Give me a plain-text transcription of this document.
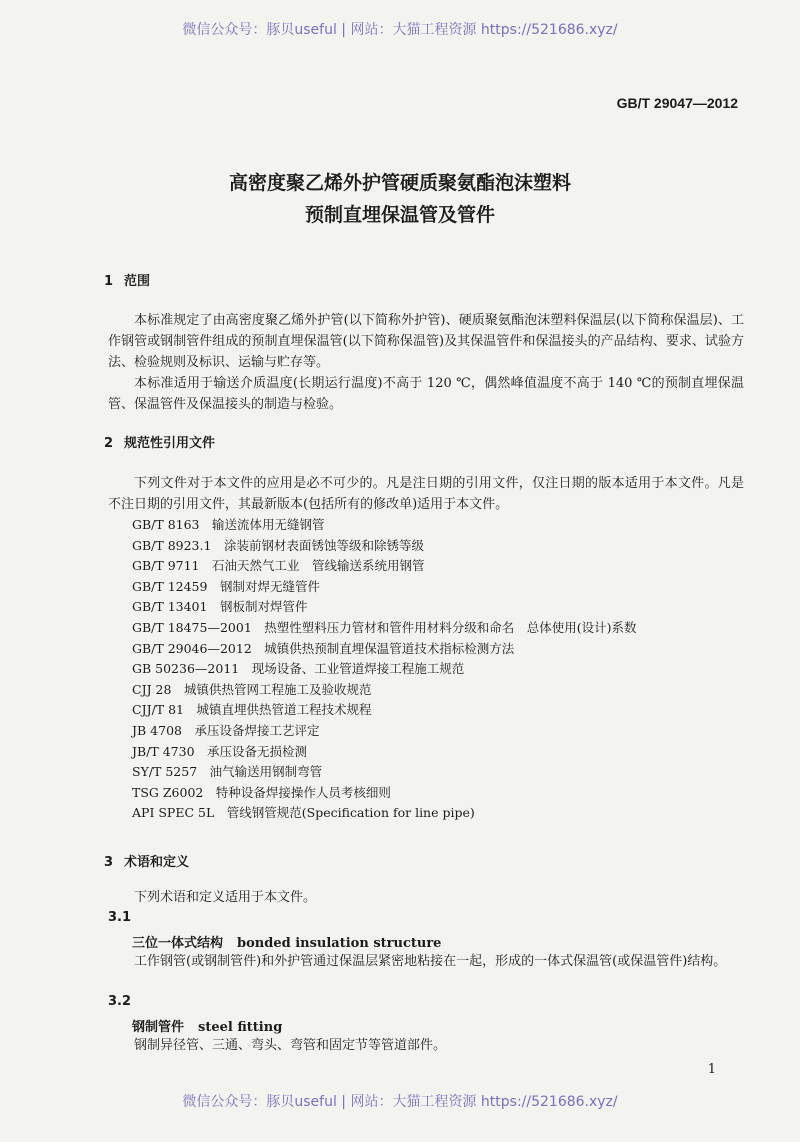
微信公众号：豚贝useful | 网站：大猫工程资源 https://521686.xyz/
GB/T 29047—2012
高密度聚乙烯外护管硬质聚氨酯泡沫塑料
预制直埋保温管及管件
1 范围
本标准规定了由高密度聚乙烯外护管(以下简称外护管)、硬质聚氨酯泡沫塑料保温层(以下简称保温层)、工作钢管或钢制管件组成的预制直埋保温管(以下简称保温管)及其保温管件和保温接头的产品结构、要求、试验方法、检验规则及标识、运输与贮存等。
本标准适用于输送介质温度(长期运行温度)不高于 120 ℃，偶然峰值温度不高于 140 ℃的预制直埋保温管、保温管件及保温接头的制造与检验。
2 规范性引用文件
下列文件对于本文件的应用是必不可少的。凡是注日期的引用文件，仅注日期的版本适用于本文件。凡是不注日期的引用文件，其最新版本(包括所有的修改单)适用于本文件。
GB/T 8163　 输送流体用无缝钢管
GB/T 8923.1　 涂装前钢材表面锈蚀等级和除锈等级
GB/T 9711　 石油天然气工业　管线输送系统用钢管
GB/T 12459　 钢制对焊无缝管件
GB/T 13401　 钢板制对焊管件
GB/T 18475—2001　 热塑性塑料压力管材和管件用材料分级和命名　总体使用(设计)系数
GB/T 29046—2012　 城镇供热预制直埋保温管道技术指标检测方法
GB 50236—2011　 现场设备、工业管道焊接工程施工规范
CJJ 28　 城镇供热管网工程施工及验收规范
CJJ/T 81　 城镇直埋供热管道工程技术规程
JB 4708　 承压设备焊接工艺评定
JB/T 4730　 承压设备无损检测
SY/T 5257　 油气输送用钢制弯管
TSG Z6002　 特种设备焊接操作人员考核细则
API SPEC 5L　 管线钢管规范(Specification for line pipe)
3 术语和定义
下列术语和定义适用于本文件。
3.1
三位一体式结构 bonded insulation structure
工作钢管(或钢制管件)和外护管通过保温层紧密地粘接在一起，形成的一体式保温管(或保温管件)结构。
3.2
钢制管件 steel fitting
钢制异径管、三通、弯头、弯管和固定节等管道部件。
1
微信公众号：豚贝useful | 网站：大猫工程资源 https://521686.xyz/
